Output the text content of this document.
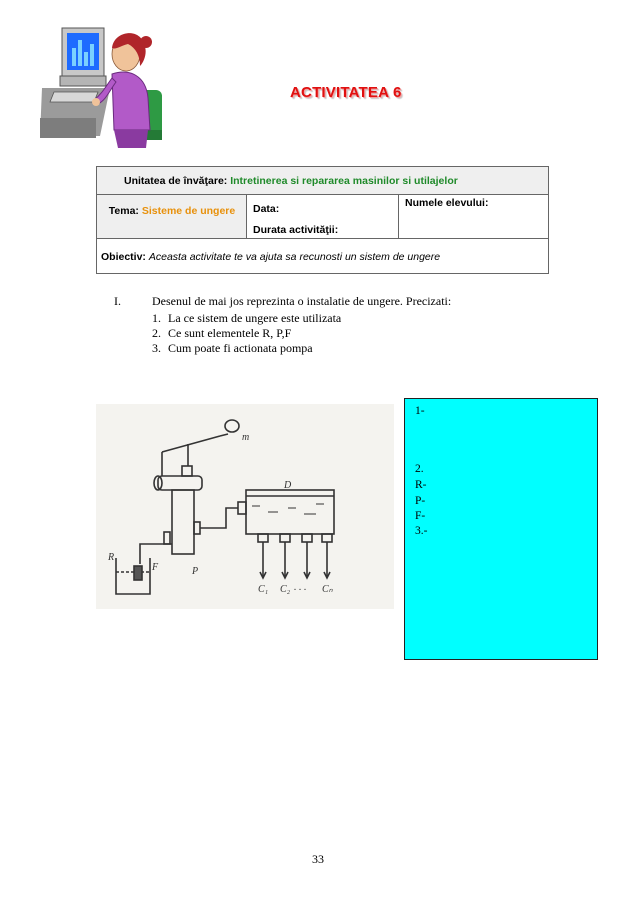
ACTIVITATEA 6
Unitatea de învăţare: Intretinerea si repararea masinilor si utilajelor
Tema: Sisteme de ungere Data:
Durata activităţii:
Numele elevului:
Obiectiv: Aceasta activitate te va ajuta sa recunosti un sistem de ungere
I.	Desenul de mai jos reprezinta o instalatie de ungere. Precizati:
1. La ce sistem de ungere este utilizata
2. Ce sunt elementele R, P,F
3. Cum poate fi actionata pompa
m
D
R
F	P
C₁ C₂ . . . Cₙ
1-
2.
R-
P-
F-
3.-
33
